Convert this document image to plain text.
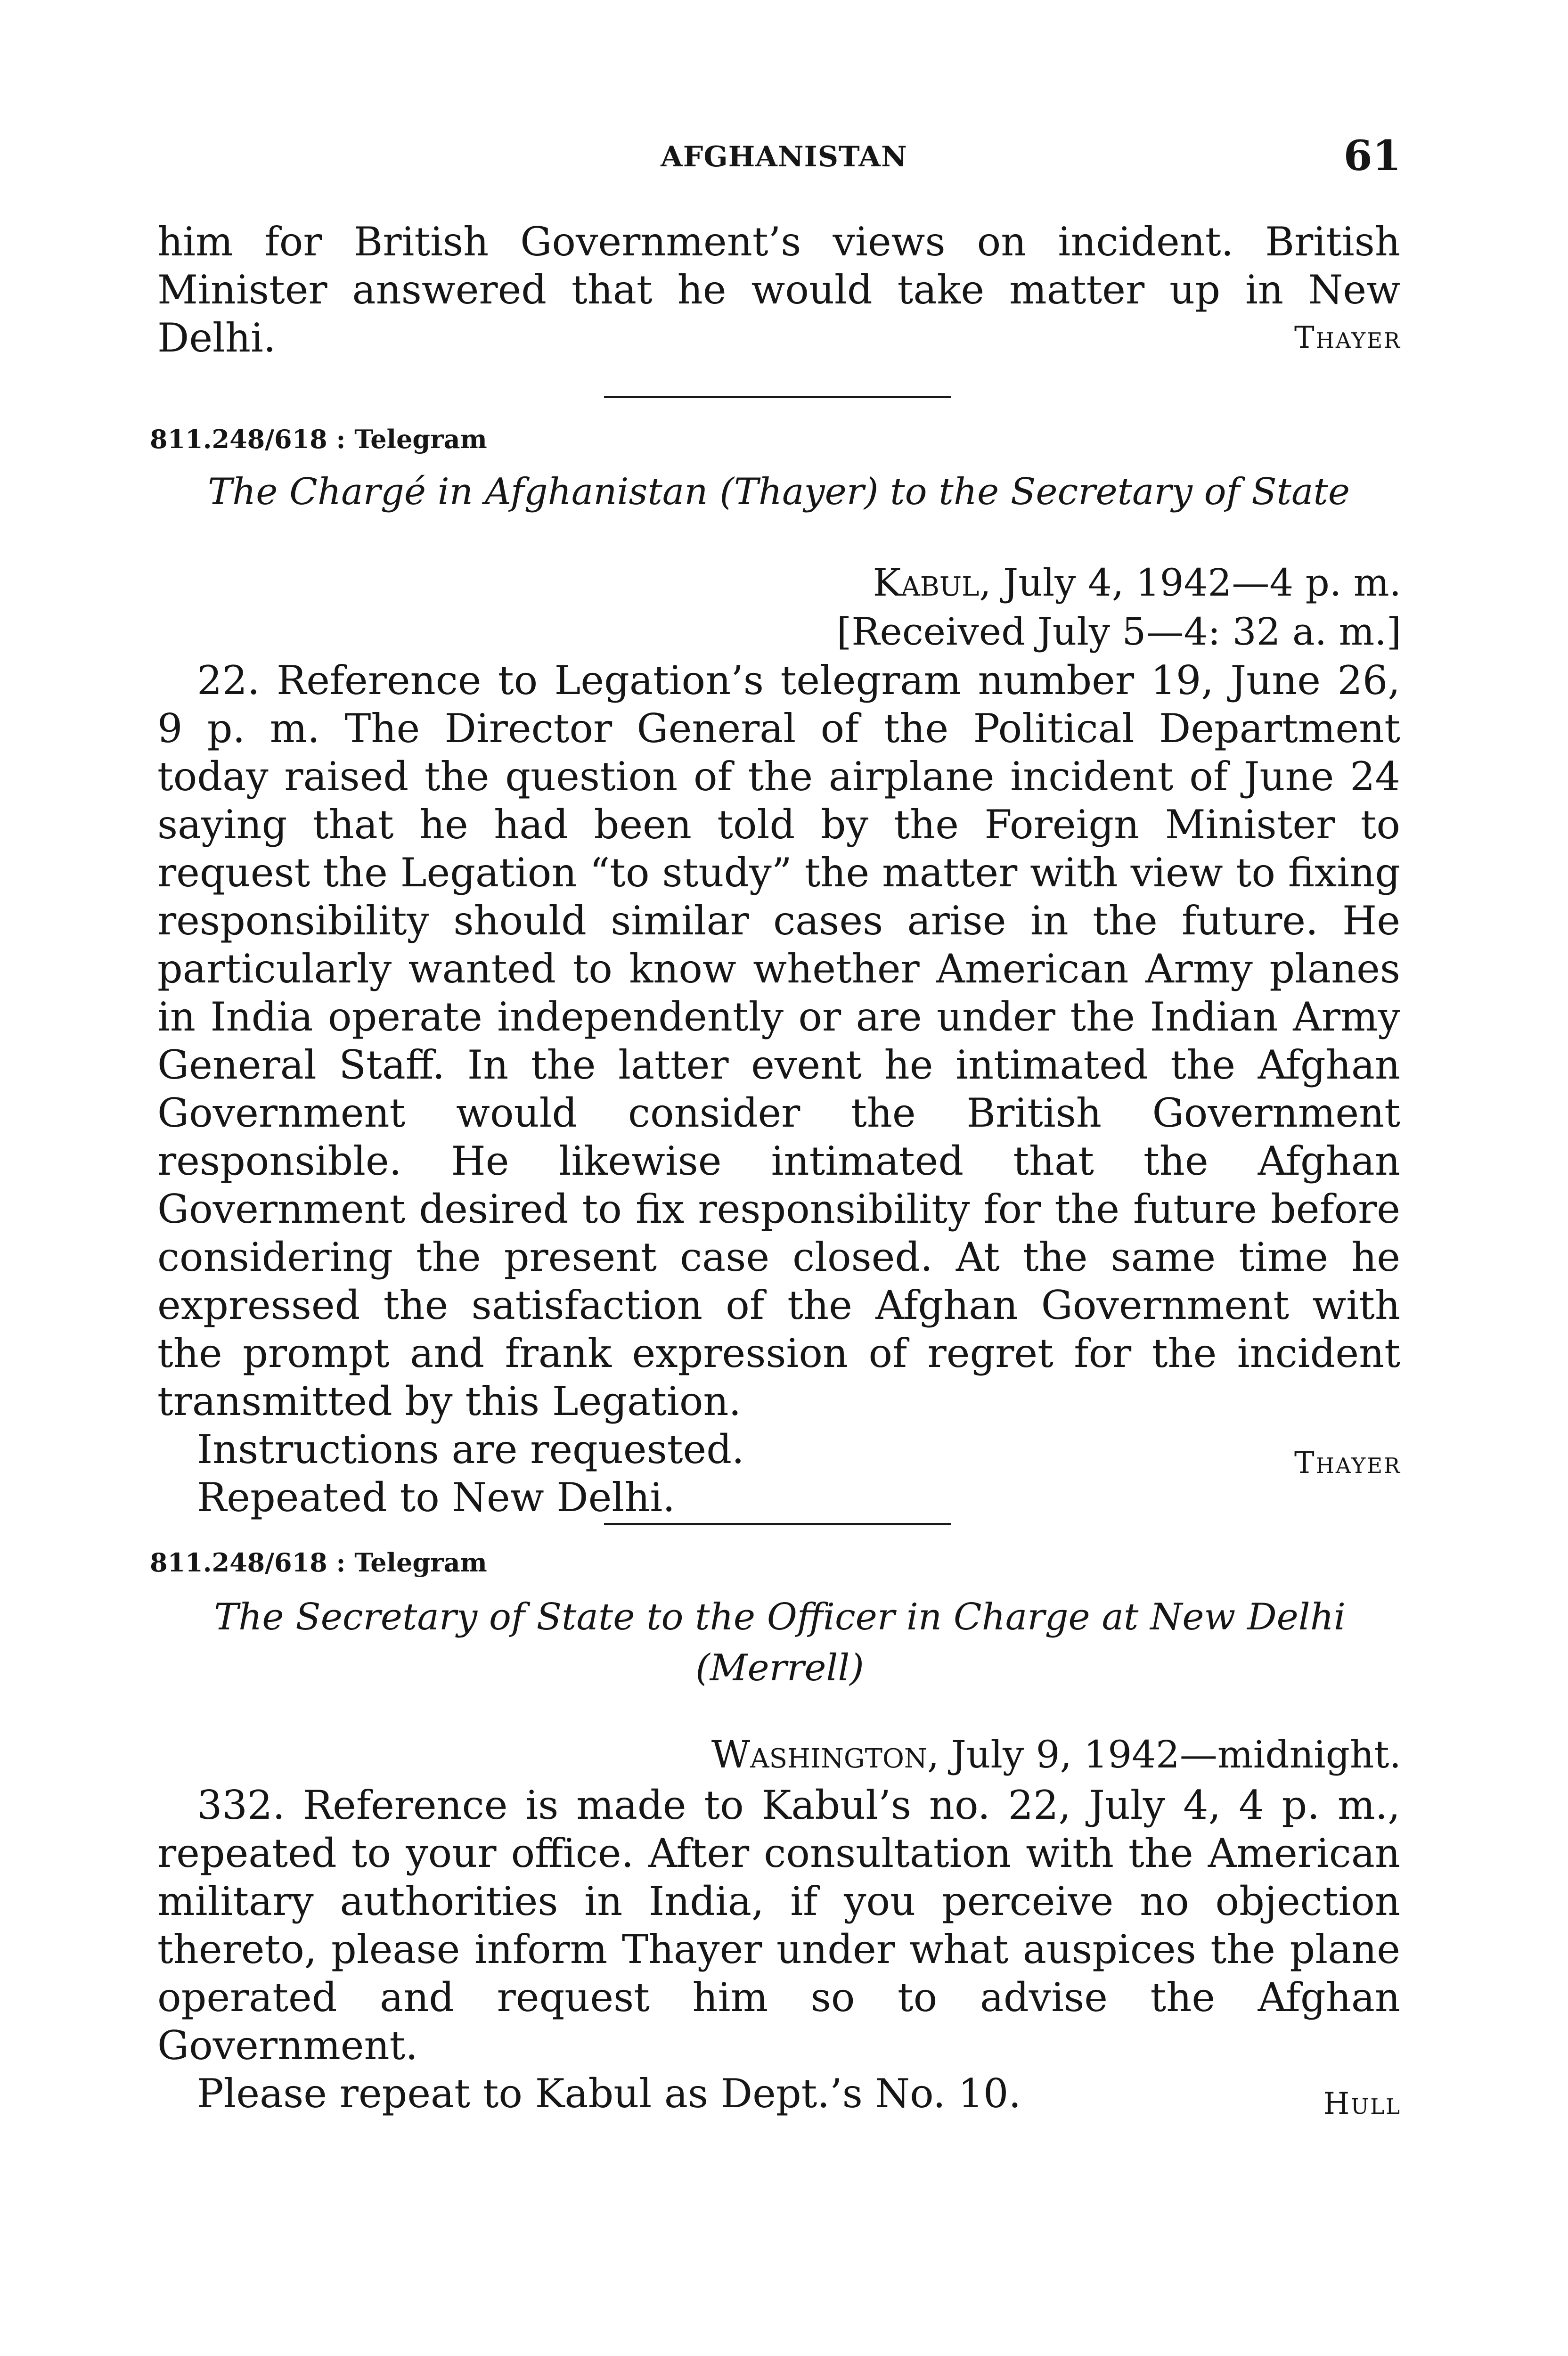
AFGHANISTAN	61

him for British Government’s views on incident. British Minister answered that he would take matter up in New Delhi.	Thayer
811.248/618 : Telegram
The Chargé in Afghanistan (Thayer) to the Secretary of State
Kabul, July 4, 1942—4 p. m.
[Received July 5—4: 32 a. m.]

22. Reference to Legation’s telegram number 19, June 26, 9 p. m. The Director General of the Political Department today raised the question of the airplane incident of June 24 saying that he had been told by the Foreign Minister to request the Legation “to study” the matter with view to fixing responsibility should similar cases arise in the future. He particularly wanted to know whether American Army planes in India operate independently or are under the Indian Army General Staff. In the latter event he intimated the Afghan Government would consider the British Government responsible. He likewise intimated that the Afghan Government desired to fix responsibility for the future before considering the present case closed. At the same time he expressed the satisfaction of the Afghan Government with the prompt and frank expression of regret for the incident transmitted by this Legation.

Instructions are requested.

Repeated to New Delhi.

Thayer
811.248/618 : Telegram
The Secretary of State to the Officer in Charge at New Delhi (Merrell)
Washington, July 9, 1942—midnight.

332. Reference is made to Kabul’s no. 22, July 4, 4 p. m., repeated to your office. After consultation with the American military authorities in India, if you perceive no objection thereto, please inform Thayer under what auspices the plane operated and request him so to advise the Afghan Government.

Please repeat to Kabul as Dept.’s No. 10.	Hull
